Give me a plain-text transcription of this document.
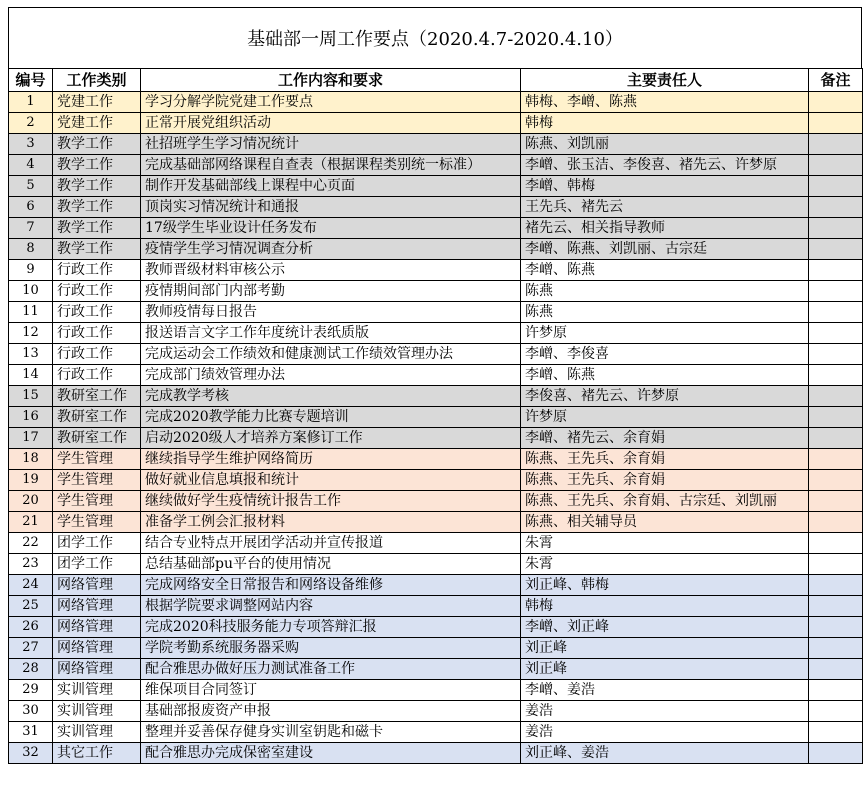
基础部一周工作要点（2020.4.7-2020.4.10）
编号	工作类别	工作内容和要求	主要责任人	备注
1	党建工作	学习分解学院党建工作要点	韩梅、李嶒、陈燕	
2	党建工作	正常开展党组织活动	韩梅	
3	教学工作	社招班学生学习情况统计	陈燕、刘凯丽	
4	教学工作	完成基础部网络课程自查表（根据课程类别统一标准）	李嶒、张玉洁、李俊喜、褚先云、许梦原	
5	教学工作	制作开发基础部线上课程中心页面	李嶒、韩梅	
6	教学工作	顶岗实习情况统计和通报	王先兵、褚先云	
7	教学工作	17级学生毕业设计任务发布	褚先云、相关指导教师	
8	教学工作	疫情学生学习情况调查分析	李嶒、陈燕、刘凯丽、古宗廷	
9	行政工作	教师晋级材料审核公示	李嶒、陈燕	
10	行政工作	疫情期间部门内部考勤	陈燕	
11	行政工作	教师疫情每日报告	陈燕	
12	行政工作	报送语言文字工作年度统计表纸质版	许梦原	
13	行政工作	完成运动会工作绩效和健康测试工作绩效管理办法	李嶒、李俊喜	
14	行政工作	完成部门绩效管理办法	李嶒、陈燕	
15	教研室工作	完成教学考核	李俊喜、褚先云、许梦原	
16	教研室工作	完成2020教学能力比赛专题培训	许梦原	
17	教研室工作	启动2020级人才培养方案修订工作	李嶒、褚先云、余育娟	
18	学生管理	继续指导学生维护网络简历	陈燕、王先兵、余育娟	
19	学生管理	做好就业信息填报和统计	陈燕、王先兵、余育娟	
20	学生管理	继续做好学生疫情统计报告工作	陈燕、王先兵、余育娟、古宗廷、刘凯丽	
21	学生管理	准备学工例会汇报材料	陈燕、相关辅导员	
22	团学工作	结合专业特点开展团学活动并宣传报道	朱霄	
23	团学工作	总结基础部pu平台的使用情况	朱霄	
24	网络管理	完成网络安全日常报告和网络设备维修	刘正峰、韩梅	
25	网络管理	根据学院要求调整网站内容	韩梅	
26	网络管理	完成2020科技服务能力专项答辩汇报	李嶒、刘正峰	
27	网络管理	学院考勤系统服务器采购	刘正峰	
28	网络管理	配合雅思办做好压力测试准备工作	刘正峰	
29	实训管理	维保项目合同签订	李嶒、姜浩	
30	实训管理	基础部报废资产申报	姜浩	
31	实训管理	整理并妥善保存健身实训室钥匙和磁卡	姜浩	
32	其它工作	配合雅思办完成保密室建设	刘正峰、姜浩	
